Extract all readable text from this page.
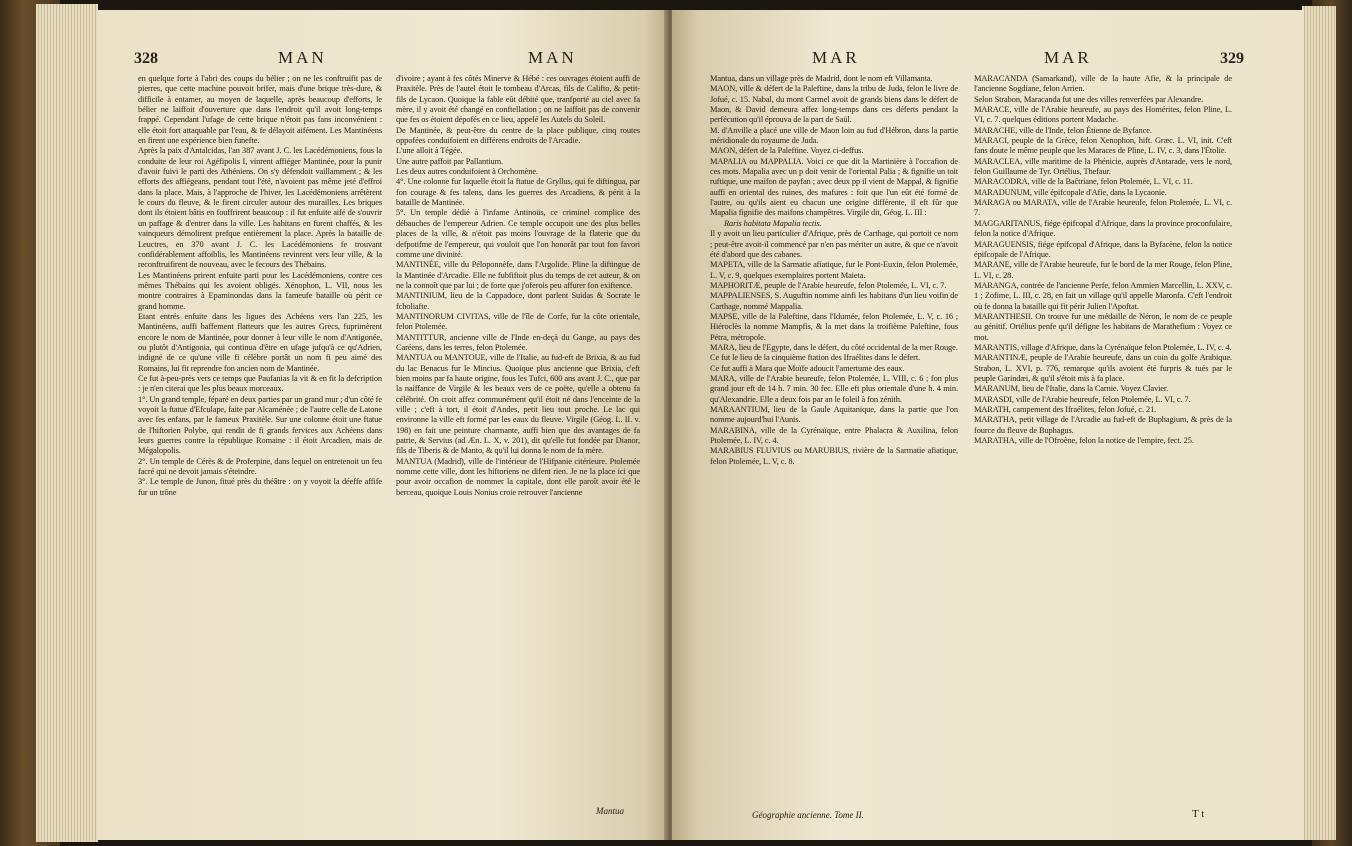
328	MAN	MAN

en quelque forte à l'abri des coups du bélier ; on ne les conftruifit pas de pierres, que cette machine pouvoit brifer, mais d'une brique très-dure, & difficile à entamer, au moyen de laquelle, après beaucoup d'efforts, le bélier ne laiffoit d'ouverture que dans l'endroit qu'il avoit long-temps frappé. Cependant l'ufage de cette brique n'étoit pas fans inconvénient : elle étoit fort attaquable par l'eau, & fe délayoit aifément. Les Mantinéens en firent une expérience bien funefte.

Après la paix d'Antalcidas, l'an 387 avant J. C. les Lacédémoniens, fous la conduite de leur roi Agéfipolis I, vinrent affiéger Mantinée, pour la punir d'avoir fuivi le parti des Athéniens. On s'y défendoit vaillamment ; & les efforts des affiégeans, pendant tout l'été, n'avoient pas même jeté d'effroi dans la place. Mais, à l'approche de l'hiver, les Lacédémoniens arrêtèrent le cours du fleuve, & le firent circuler autour des murailles. Les briques dont ils étoient bâtis en fouffrirent beaucoup : il fut enfuite aifé de s'ouvrir un paffage & d'entrer dans la ville. Les habitans en furent chaffés, & les vainqueurs démolirent prefque entièrement la place. Après la bataille de Leuctres, en 370 avant J. C. les Lacédémoniens fe trouvant confidérablement affoiblis, les Mantinéens revinrent vers leur ville, & la reconftruifirent de nouveau, avec le fecours des Thébains.

Les Mantinéens prirent enfuite parti pour les Lacédémoniens, contre ces mêmes Thébains qui les avoient obligés. Xénophon, L. VII, nous les montre contraires à Epaminondas dans la fameufe bataille où périt ce grand homme.

Etant entrés enfuite dans les ligues des Achéens vers l'an 225, les Mantinéens, auffi baffement flatteurs que les autres Grecs, fuprimèrent encore le nom de Mantinée, pour donner à leur ville le nom d'Antigonée, ou plutôt d'Antigonia, qui continua d'être en ufage jufqu'à ce qu'Adrien, indigné de ce qu'une ville fi célèbre portât un nom fi peu aimé des Romains, lui fit reprendre fon ancien nom de Mantinée.

Ce fut à-peu-près vers ce temps que Paufanias la vit & en fit la defcription : je n'en citerai que les plus beaux morceaux.

1°. Un grand temple, féparé en deux parties par un grand mur ; d'un côté fe voyoit la ftatue d'Efculape, faite par Alcaménée ; de l'autre celle de Latone avec fes enfans, par le fameux Praxitèle. Sur une colonne étoit une ftatue de l'hiftorien Polybe, qui rendit de fi grands fervices aux Achéens dans leurs guerres contre la république Romaine : il étoit Arcadien, mais de Mégalopolis.

2°. Un temple de Cérès & de Proferpine, dans lequel on entretenoit un feu facré qui ne devoit jamais s'éteindre.

3°. Le temple de Junon, fitué près du théâtre : on y voyoit la déeffe affife fur un trône

d'ivoire ; ayant à fes côtés Minerve & Hébé : ces ouvrages étoient auffi de Praxitèle. Près de l'autel étoit le tombeau d'Arcas, fils de Califto, & petit-fils de Lycaon. Quoique la fable eût débité que, tranfporté au ciel avec fa mère, il y avoit été changé en conftellation ; on ne laiffoit pas de convenir que fes os étoient dépofés en ce lieu, appelé les Autels du Soleil.

De Mantinée, & peut-être du centre de la place publique, cinq routes oppofées conduifoient en différens endroits de l'Arcadie.

L'une alloit à Tégée.

Une autre paffoit par Pallantium.

Les deux autres conduifoient à Orchomène.

4°. Une colonne fur laquelle étoit la ftatue de Gryllus, qui fe diftingua, par fon courage & fes talens, dans les guerres des Arcadiens, & périt à la bataille de Mantinée.

5°. Un temple dédié à l'infame Antinoüs, ce criminel complice des débauches de l'empereur Adrien. Ce temple occupoit une des plus belles places de la ville, & n'étoit pas moins l'ouvrage de la flaterie que du defpotifme de l'empereur, qui vouloit que l'on honorât par tout fon favori comme une divinité.

MANTINÉE, ville du Péloponnèfe, dans l'Argolide. Pline la diftingue de la Mantinée d'Arcadie. Elle ne fubfiftoit plus du temps de cet auteur, & on ne la connoît que par lui ; de forte que j'oferois peu affurer fon exiftence.

MANTINIUM, lieu de la Cappadoce, dont parlent Suidas & Socrate le fcholiafte.

MANTINORUM CIVITAS, ville de l'île de Corfe, fur la côte orientale, felon Ptolemée.

MANTITTUR, ancienne ville de l'Inde en-deçà du Gange, au pays des Caréens, dans les terres, felon Ptolemée.

MANTUA ou MANTOUE, ville de l'Italie, au fud-eft de Brixia, & au fud du lac Benacus fur le Mincius. Quoique plus ancienne que Brixia, c'eft bien moins par fa haute origine, fous les Tufci, 600 ans avant J. C., que par la naiffance de Virgile & les beaux vers de ce poëte, qu'elle a obtenu fa célébrité. On croit affez communément qu'il étoit né dans l'enceinte de la ville ; c'eft à tort, il étoit d'Andes, petit lieu tout proche. Le lac qui environne la ville eft formé par les eaux du fleuve. Virgile (Géog. L. II. v. 198) en fait une peinture charmante, auffi bien que des avantages de fa patrie, & Servius (ad Æn. L. X, v. 201), dit qu'elle fut fondée par Dianor, fils de Tiberis & de Manto, & qu'il lui donna le nom de fa mère.

MANTUA (Madrid), ville de l'intérieur de l'Hifpanie citérieure. Ptolemée nomme cette ville, dont les hiftoriens ne difent rien. Je ne la place ici que pour avoir occafion de nommer la capitale, dont elle paroît avoir été le berceau, quoique Louis Nonius croie retrouver l'ancienne

Mantua
MAR	MAR	329

Mantua, dans un village près de Madrid, dont le nom eft Villamanta.

MAON, ville & défert de la Paleftine, dans la tribu de Juda, felon le livre de Jofué, c. 15. Nabal, du mont Carmel avoit de grands biens dans le défert de Maon, & David demeura affez long-temps dans ces déferts pendant la perfécution qu'il éprouva de la part de Saül.

M. d'Anville a placé une ville de Maon loin au fud d'Hébron, dans la partie méridionale du royaume de Juda.

MAON, défert de la Paleftine. Voyez ci-deffus.

MAPALIA ou MAPPALIA. Voici ce que dit la Martinière à l'occafion de ces mots. Mapalia avec un p doit venir de l'oriental Palia ; & fignifie un toit ruftique, une maifon de payfan ; avec deux pp il vient de Mappal, & fignifie auffi en oriental des ruines, des mafures : foit que l'un eût été formé de l'autre, ou qu'ils aient eu chacun une origine différente, il eft fûr que Mapalia fignifie des maifons champêtres. Virgile dit, Géog. L. III :

Raris habitata Mapalia tectis.

Il y avoit un lieu particulier d'Afrique, près de Carthage, qui portoit ce nom ; peut-être avoit-il commencé par n'en pas mériter un autre, & que ce n'avoit été d'abord que des cabanes.

MAPETA, ville de la Sarmatie afiatique, fur le Pont-Euxin, felon Ptolemée, L. V, c. 9, quelques exemplaires portent Maieta.

MAPHORITÆ, peuple de l'Arabie heureufe, felon Ptolemée, L. VI, c. 7.

MAPPALIENSES, S. Auguftin nomme ainfi les habitans d'un lieu voifin de Carthage, nommé Mappalia.

MAPSE, ville de la Paleftine, dans l'Idumée, felon Ptolemée, L. V, c. 16 ; Hiéroclès la nomme Mampfis, & la met dans la troifième Paleftine, fous Pétra, métropole.

MARA, lieu de l'Egypte, dans le défert, du côté occidental de la mer Rouge.

Ce fut le lieu de la cinquième ftation des Ifraélites dans le défert.

Ce fut auffi à Mara que Moïfe adoucit l'amertume des eaux.

MARA, ville de l'Arabie heureufe, felon Ptolemée, L. VIII, c. 6 ; fon plus grand jour eft de 14 h. 7 min. 30 fec. Elle eft plus orientale d'une h. 4 min. qu'Alexandrie. Elle a deux fois par an le foleil à fon zénith.

MARAANTIUM, lieu de la Gaule Aquitanique, dans la partie que l'on nomme aujourd'hui l'Aunis.

MARABINA, ville de la Cyrénaïque, entre Phalacra & Auxilina, felon Ptolemée, L. IV, c. 4.

MARABIUS FLUVIUS ou MARUBIUS, rivière de la Sarmatie afiatique, felon Ptolemée, L. V, c. 8.

MARACANDA (Samarkand), ville de la haute Afie, & la principale de l'ancienne Sogdiane, felon Arrien.

Selon Strabon, Maracanda fut une des villes renverfées par Alexandre.

MARACE, ville de l'Arabie heureufe, au pays des Homérites, felon Pline, L. VI, c. 7. quelques éditions portent Madache.

MARACHE, ville de l'Inde, felon Étienne de Byfance.

MARACI, peuple de la Grèce, felon Xenophon, hift. Græc. L. VI, init. C'eft fans doute le même peuple que les Maraces de Pline, L. IV, c. 3, dans l'Étolie.

MARACLEA, ville maritime de la Phénicie, auprès d'Antarade, vers le nord, felon Guillaume de Tyr. Ortélius, Thefaur.

MARACODRA, ville de la Baĉtriane, felon Ptolemée, L. VI, c. 11.

MARADUNUM, ville épifcopale d'Afie, dans la Lycaonie.

MARAGA ou MARATA, ville de l'Arabie heureufe, felon Ptolemée, L. VI, c. 7.

MAGGARITANUS, fiége épifcopal d'Afrique, dans la province proconfulaire, felon la notice d'Afrique.

MARAGUENSIS, fiége épifcopal d'Afrique, dans la Byfacène, felon la notice épifcopale de l'Afrique.

MARANE, ville de l'Arabie heureufe, fur le bord de la mer Rouge, felon Pline, L. VI, c. 28.

MARANGA, contrée de l'ancienne Perfe, felon Ammien Marcellin, L. XXV, c. 1 ; Zofime, L. III, c. 28, en fait un village qu'il appelle Maronfa. C'eft l'endroit où fe donna la bataille qui fit périr Julien l'Apoftat.

MARANTHESII. On trouve fur une médaille de Néron, le nom de ce peuple au génitif. Ortélius penfe qu'il défigne les habitans de Marathefium : Voyez ce mot.

MARANTIS, village d'Afrique, dans la Cyrénaïque felon Ptolemée, L. IV, c. 4.

MARANTINÆ, peuple de l'Arabie heureufe, dans un coin du golfe Arabique. Strabon, L. XVI, p. 776, remarque qu'ils avoient été furpris & tués par le peuple Garindæi, & qu'il s'étoit mis à fa place.

MARANUM, lieu de l'Italie, dans la Carnie. Voyez Clavier.

MARASDI, ville de l'Arabie heureufe, felon Ptolemée, L. VI, c. 7.

MARATH, campement des Ifraélites, felon Jofué, c. 21.

MARATHA, petit village de l'Arcadie au fud-eft de Buphagium, & près de la fource du fleuve de Buphagus.

MARATHA, ville de l'Ofroène, felon la notice de l'empire, fect. 25.

Géographie ancienne. Tome II.	T t
